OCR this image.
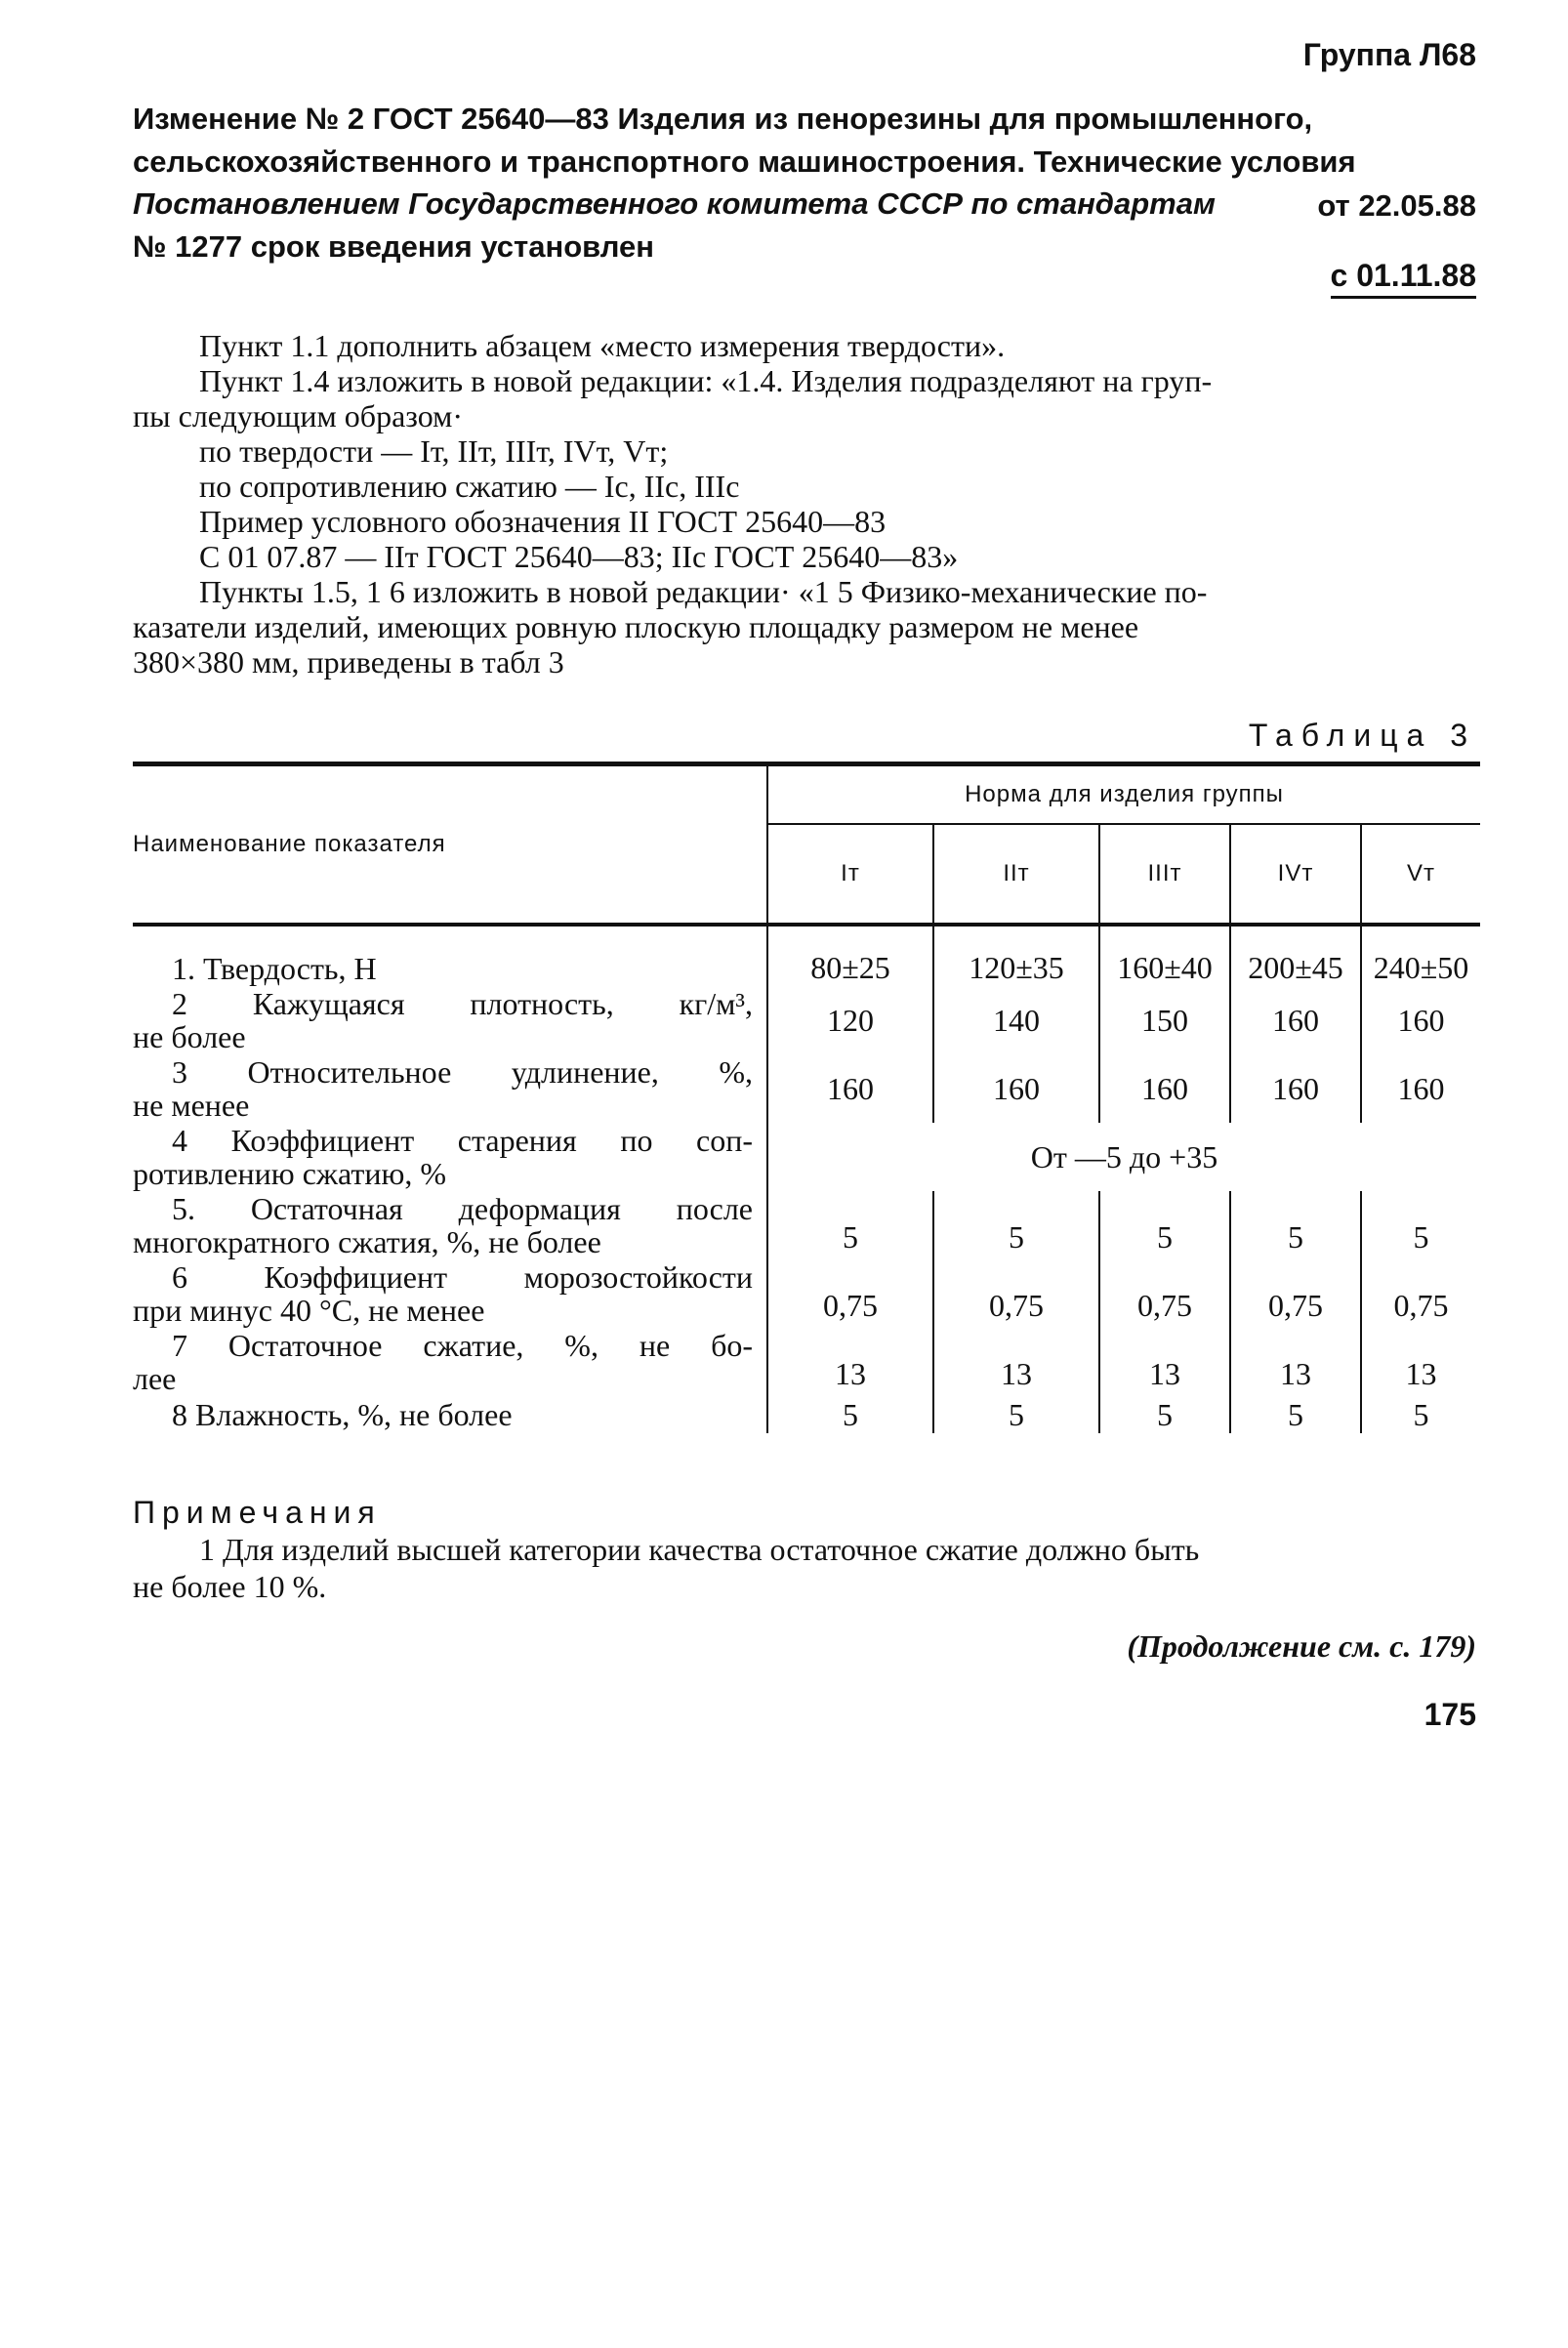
Группа Л68
Изменение № 2 ГОСТ 25640—83 Изделия из пенорезины для промышленного, сельскохозяйственного и транспортного машиностроения. Технические условия
Постановлением Государственного комитета СССР по стандартам
№ 1277 срок введения установлен
от 22.05.88
с 01.11.88

Пункт 1.1 дополнить абзацем «место измерения твердости».

Пункт 1.4 изложить в новой редакции: «1.4. Изделия подразделяют на груп-

пы следующим образом·

по твердости — Iт, IIт, IIIт, IVт, Vт;

по сопротивлению сжатию — Iс, IIс, IIIс

Пример условного обозначения II ГОСТ 25640—83

С 01 07.87 — IIт ГОСТ 25640—83; IIс ГОСТ 25640—83»

Пункты 1.5, 1 6 изложить в новой редакции· «1 5 Физико-механические по-

казатели изделий, имеющих ровную плоскую площадку размером не менее

380×380 мм, приведены в табл 3

Таблица 3
Наименование показателя	Норма для изделия группы				
	Iт	IIт	IIIт	IVт	Vт

1. Твердость, Н	80±25	120±35	160±40	200±45	240±50

2 Кажущаяся плотность, кг/м³,
не более	120	140	150	160	160

3 Относительное удлинение, %,
не менее	160	160	160	160	160

4 Коэффициент старения по соп-
ротивлению сжатию, %	От —5 до +35				

5. Остаточная деформация после
многократного сжатия, %, не более	5	5	5	5	5

6 Коэффициент морозостойкости
при минус 40 °С, не менее	0,75	0,75	0,75	0,75	0,75

7 Остаточное сжатие, %, не бо-
лее	13	13	13	13	13

8 Влажность, %, не более	5	5	5	5	5
Примечания
1 Для изделий высшей категории качества остаточное сжатие должно быть
не более 10 %.
(Продолжение см. с. 179)
175
